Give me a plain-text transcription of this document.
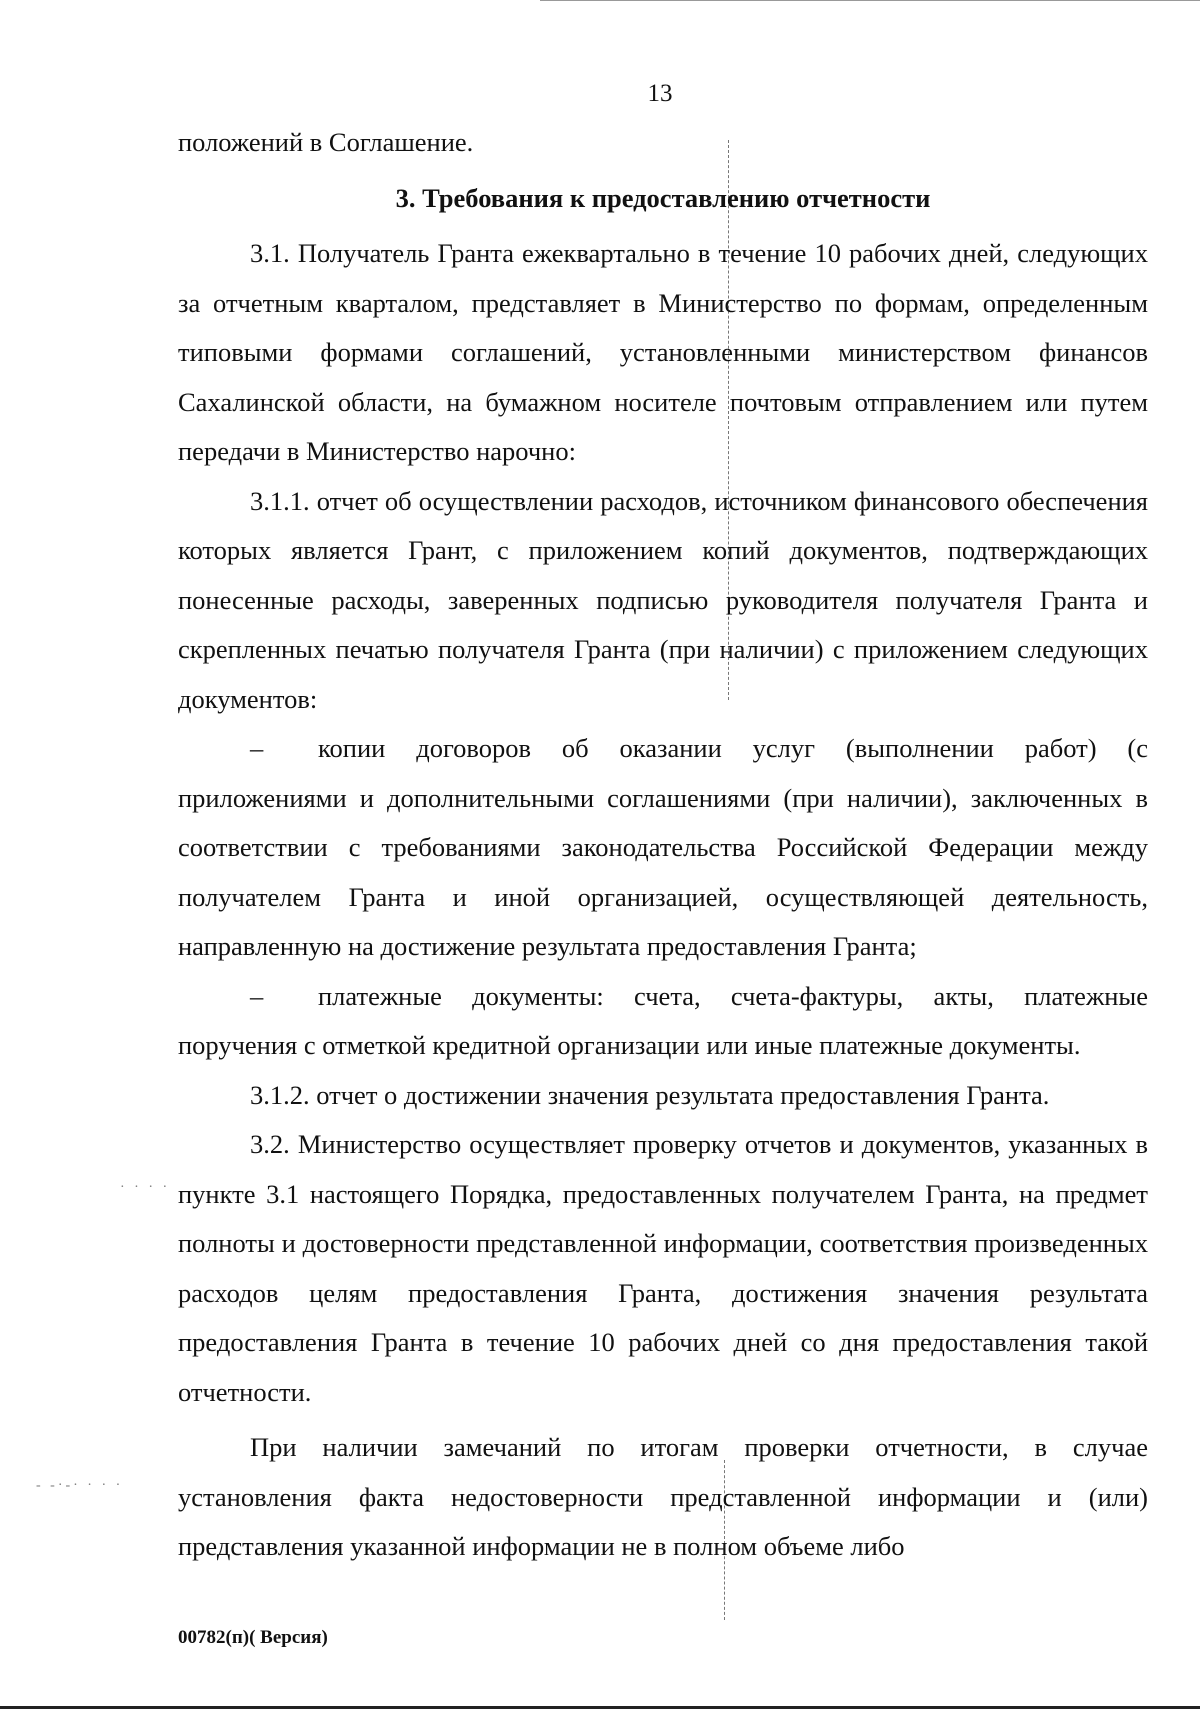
· · · ·
- -·-· · · ·
13

положений в Соглашение.

3. Требования к предоставлению отчетности

3.1. Получатель Гранта ежеквартально в течение 10 рабочих дней, следующих за отчетным кварталом, представляет в Министерство по формам, определенным типовыми формами соглашений, установленными министерством финансов Сахалинской области, на бумажном носителе почтовым отправлением или путем передачи в Министерство нарочно:

3.1.1. отчет об осуществлении расходов, источником финансового обеспечения которых является Грант, с приложением копий документов, подтверждающих понесенные расходы, заверенных подписью руководителя получателя Гранта и скрепленных печатью получателя Гранта (при наличии) с приложением следующих документов:

– копии договоров об оказании услуг (выполнении работ) (с приложениями и дополнительными соглашениями (при наличии), заключенных в соответствии с требованиями законодательства Российской Федерации между получателем Гранта и иной организацией, осуществляющей деятельность, направленную на достижение результата предоставления Гранта;

– платежные документы: счета, счета-фактуры, акты, платежные поручения с отметкой кредитной организации или иные платежные документы.

3.1.2. отчет о достижении значения результата предоставления Гранта.

3.2. Министерство осуществляет проверку отчетов и документов, указанных в пункте 3.1 настоящего Порядка, предоставленных получателем Гранта, на предмет полноты и достоверности представленной информации, соответствия произведенных расходов целям предоставления Гранта, достижения значения результата предоставления Гранта в течение 10 рабочих дней со дня предоставления такой отчетности.

При наличии замечаний по итогам проверки отчетности, в случае установления факта недостоверности представленной информации и (или) представления указанной информации не в полном объеме либо

00782(п)( Версия)
